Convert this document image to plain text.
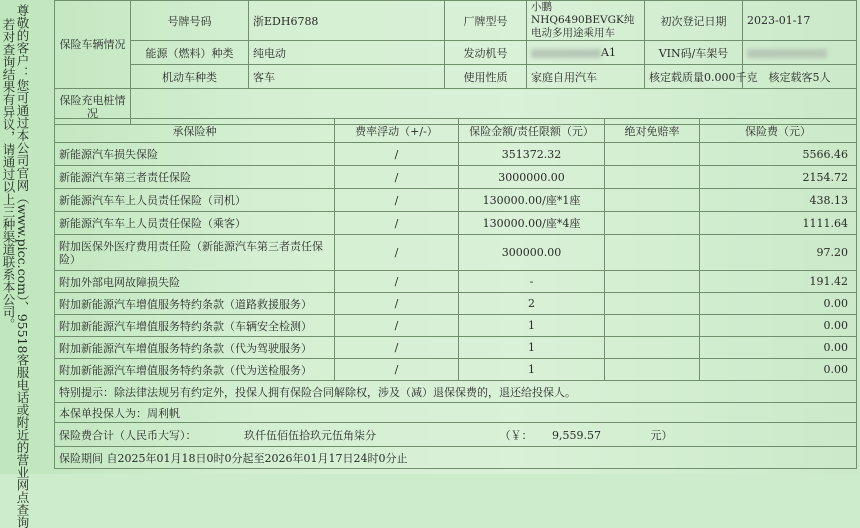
若对查询结果有异议，请通过以上三种渠道联系本公司。 尊敬的客户：您可通过本公司官网（www.picc.com）、95518客服电话或附近的营业网点查询	保险车辆情况	号牌号码	浙EDH6788	厂牌型号	小鹏NHQ6490BEVGK纯电动多用途乘用车	初次登记日期	2023-01-17
	能源（燃料）种类	纯电动	发动机号	A1	VIN码/车架号	
	机动车种类	客车	使用性质	家庭自用汽车	核定载质量0.000千克	核定载客5人
保险充电桩情况						
承保险种	费率浮动（+/-）	保险金额/责任限额（元）	绝对免赔率	保险费（元）
新能源汽车损失保险	/	351372.32		5566.46
新能源汽车第三者责任保险	/	3000000.00		2154.72
新能源汽车车上人员责任保险（司机）	/	130000.00/座*1座		438.13
新能源汽车车上人员责任保险（乘客）	/	130000.00/座*4座		1111.64
附加医保外医疗费用责任险（新能源汽车第三者责任保险）	/	300000.00		97.20
附加外部电网故障损失险	/	-		191.42
附加新能源汽车增值服务特约条款（道路救援服务）	/	2		0.00
附加新能源汽车增值服务特约条款（车辆安全检测）	/	1		0.00
附加新能源汽车增值服务特约条款（代为驾驶服务）	/	1		0.00
附加新能源汽车增值服务特约条款（代为送检服务）	/	1		0.00
特别提示：除法律法规另有约定外，投保人拥有保险合同解除权，涉及（减）退保保费的，退还给投保人。				
本保单投保人为：周利帆				
保险费合计（人民币大写）： 玖仟伍佰伍拾玖元伍角柒分 （￥： 9,559.57 元）				
保险期间 自2025年01月18日0时0分起至2026年01月17日24时0分止				
